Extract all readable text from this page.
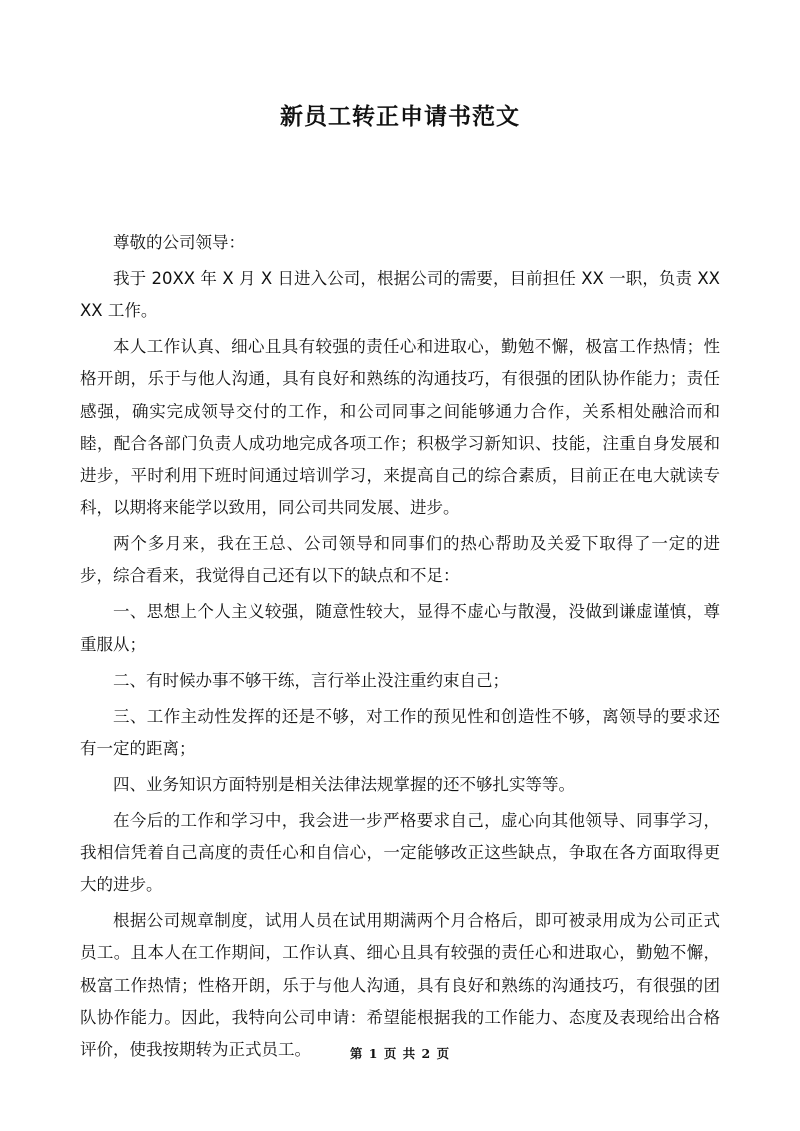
新员工转正申请书范文

尊敬的公司领导：

我于 20XX 年 X 月 X 日进入公司，根据公司的需要，目前担任 XX 一职，负责 XXXX 工作。

本人工作认真、细心且具有较强的责任心和进取心，勤勉不懈，极富工作热情；性格开朗，乐于与他人沟通，具有良好和熟练的沟通技巧，有很强的团队协作能力；责任感强，确实完成领导交付的工作，和公司同事之间能够通力合作，关系相处融洽而和睦，配合各部门负责人成功地完成各项工作；积极学习新知识、技能，注重自身发展和进步，平时利用下班时间通过培训学习，来提高自己的综合素质，目前正在电大就读专科，以期将来能学以致用，同公司共同发展、进步。

两个多月来，我在王总、公司领导和同事们的热心帮助及关爱下取得了一定的进步，综合看来，我觉得自己还有以下的缺点和不足：

一、思想上个人主义较强，随意性较大，显得不虚心与散漫，没做到谦虚谨慎，尊重服从；

二、有时候办事不够干练，言行举止没注重约束自己；

三、工作主动性发挥的还是不够，对工作的预见性和创造性不够，离领导的要求还有一定的距离；

四、业务知识方面特别是相关法律法规掌握的还不够扎实等等。

在今后的工作和学习中，我会进一步严格要求自己，虚心向其他领导、同事学习，我相信凭着自己高度的责任心和自信心，一定能够改正这些缺点，争取在各方面取得更大的进步。

根据公司规章制度，试用人员在试用期满两个月合格后，即可被录用成为公司正式员工。且本人在工作期间，工作认真、细心且具有较强的责任心和进取心，勤勉不懈，极富工作热情；性格开朗，乐于与他人沟通，具有良好和熟练的沟通技巧，有很强的团队协作能力。因此，我特向公司申请：希望能根据我的工作能力、态度及表现给出合格评价，使我按期转为正式员工。	第 1 页 共 2 页
